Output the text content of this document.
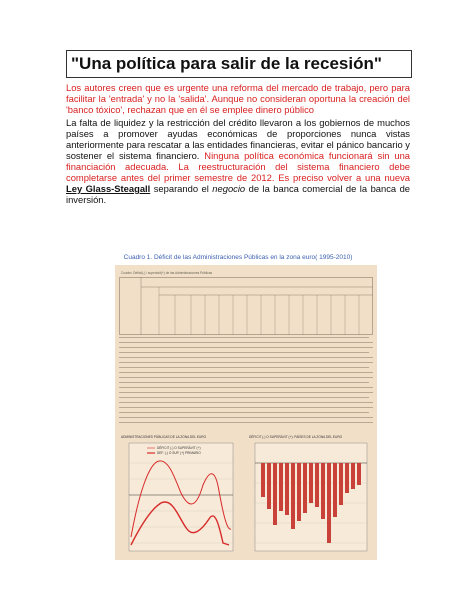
"Una política para salir de la recesión"
Los autores creen que es urgente una reforma del mercado de trabajo, pero para facilitar la 'entrada' y no la 'salida'. Aunque no consideran oportuna la creación del 'banco tóxico', rechazan que en él se emplee dinero público
La falta de liquidez y la restricción del crédito llevaron a los gobiernos de muchos países a promover ayudas económicas de proporciones nunca vistas anteriormente para rescatar a las entidades financieras, evitar el pánico bancario y sostener el sistema financiero. Ninguna política económica funcionará sin una financiación adecuada. La reestructuración del sistema financiero debe completarse antes del primer semestre de 2012. Es preciso volver a una nueva Ley Glass-Steagall separando el negocio de la banca comercial de la banca de inversión.
Cuadro 1. Déficit de las Administraciones Públicas en la zona euro( 1995-2010)
Cuadro: Déficit(-) / superávit(+) de las Administraciones Públicas
ADMINISTRACIONES PÚBLICAS DE LA ZONA DEL EURO
DÉFICIT (-) O SUPERÁVIT (+)
DEF. (-) O SUP. (+) PRIMARIO
DÉFICIT (-) O SUPERÁVIT (+). PAÍSES DE LA ZONA DEL EURO
